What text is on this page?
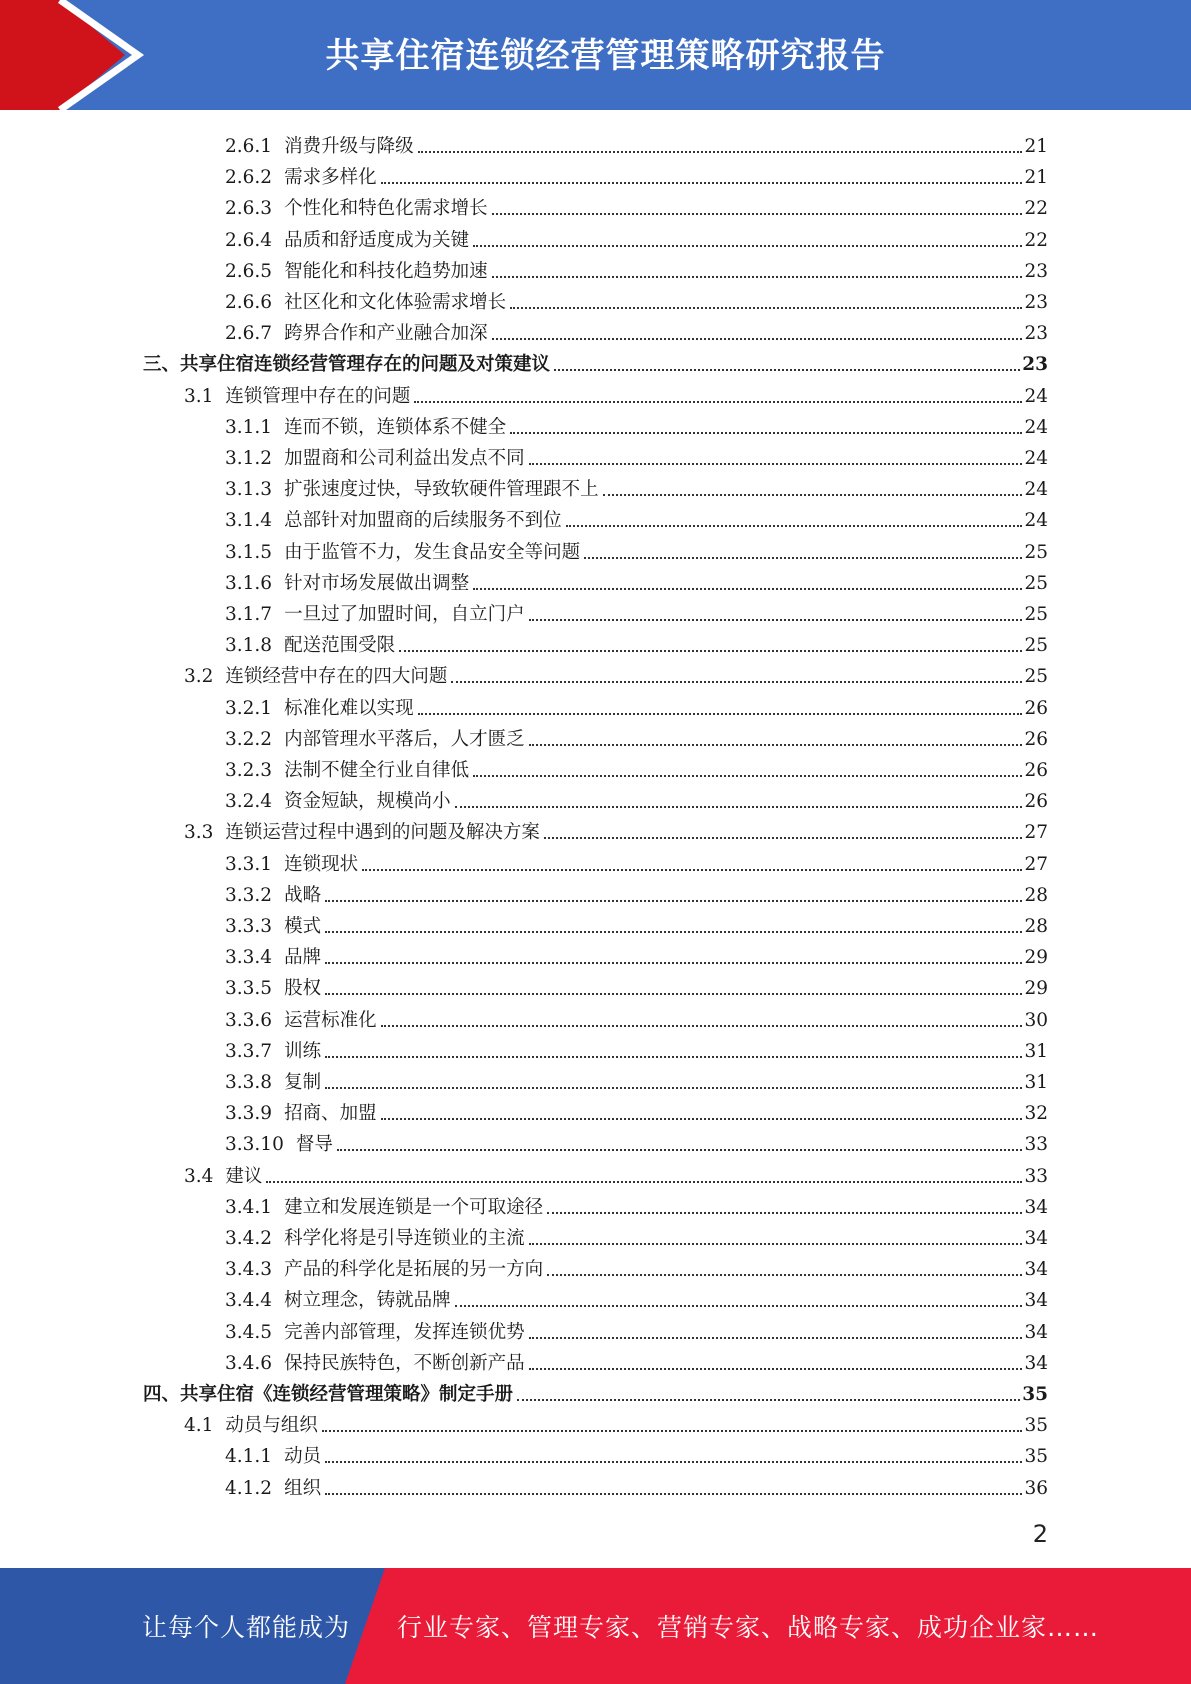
共享住宿连锁经营管理策略研究报告
2.6.1 消费升级与降级	21
2.6.2 需求多样化	21
2.6.3 个性化和特色化需求增长	22
2.6.4 品质和舒适度成为关键	22
2.6.5 智能化和科技化趋势加速	23
2.6.6 社区化和文化体验需求增长	23
2.6.7 跨界合作和产业融合加深	23
三、共享住宿连锁经营管理存在的问题及对策建议	23
3.1 连锁管理中存在的问题	24
3.1.1 连而不锁，连锁体系不健全	24
3.1.2 加盟商和公司利益出发点不同	24
3.1.3 扩张速度过快，导致软硬件管理跟不上	24
3.1.4 总部针对加盟商的后续服务不到位	24
3.1.5 由于监管不力，发生食品安全等问题	25
3.1.6 针对市场发展做出调整	25
3.1.7 一旦过了加盟时间，自立门户	25
3.1.8 配送范围受限	25
3.2 连锁经营中存在的四大问题	25
3.2.1 标准化难以实现	26
3.2.2 内部管理水平落后，人才匮乏	26
3.2.3 法制不健全行业自律低	26
3.2.4 资金短缺，规模尚小	26
3.3 连锁运营过程中遇到的问题及解决方案	27
3.3.1 连锁现状	27
3.3.2 战略	28
3.3.3 模式	28
3.3.4 品牌	29
3.3.5 股权	29
3.3.6 运营标准化	30
3.3.7 训练	31
3.3.8 复制	31
3.3.9 招商、加盟	32
3.3.10 督导	33
3.4 建议	33
3.4.1 建立和发展连锁是一个可取途径	34
3.4.2 科学化将是引导连锁业的主流	34
3.4.3 产品的科学化是拓展的另一方向	34
3.4.4 树立理念，铸就品牌	34
3.4.5 完善内部管理，发挥连锁优势	34
3.4.6 保持民族特色，不断创新产品	34
四、共享住宿《连锁经营管理策略》制定手册	35
4.1 动员与组织	35
4.1.1 动员	35
4.1.2 组织	36
2
让每个人都能成为 行业专家、管理专家、营销专家、战略专家、成功企业家……
